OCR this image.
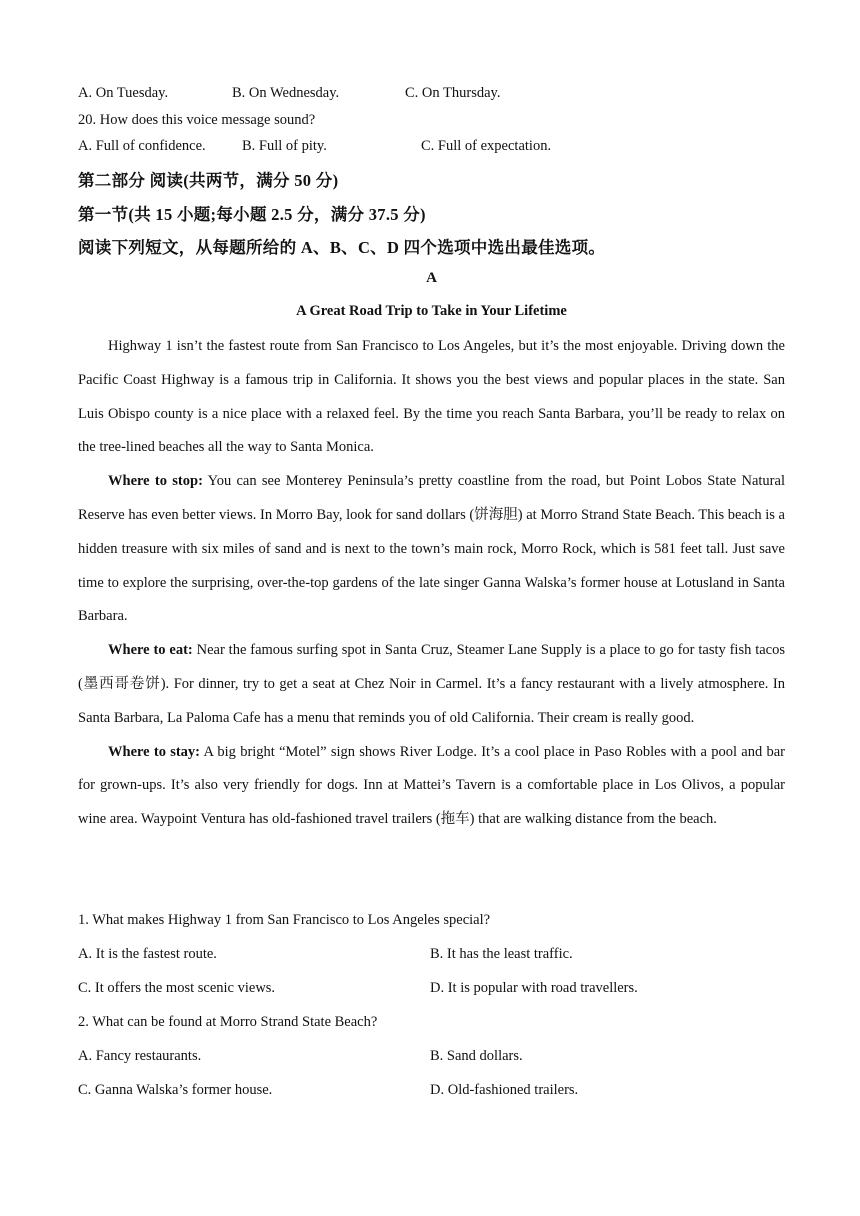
A. On Tuesday.	B. On Wednesday.	C. On Thursday.
20. How does this voice message sound?
A. Full of confidence.	B. Full of pity.	C. Full of expectation.
第二部分 阅读(共两节，满分 50 分)
第一节(共 15 小题;每小题 2.5 分，满分 37.5 分)
阅读下列短文，从每题所给的 A、B、C、D 四个选项中选出最佳选项。
A
A Great Road Trip to Take in Your Lifetime

Highway 1 isn’t the fastest route from San Francisco to Los Angeles, but it’s the most enjoyable. Driving down the Pacific Coast Highway is a famous trip in California. It shows you the best views and popular places in the state. San Luis Obispo county is a nice place with a relaxed feel. By the time you reach Santa Barbara, you’ll be ready to relax on the tree-lined beaches all the way to Santa Monica.

Where to stop: You can see Monterey Peninsula’s pretty coastline from the road, but Point Lobos State Natural Reserve has even better views. In Morro Bay, look for sand dollars (饼海胆) at Morro Strand State Beach. This beach is a hidden treasure with six miles of sand and is next to the town’s main rock, Morro Rock, which is 581 feet tall. Just save time to explore the surprising, over-the-top gardens of the late singer Ganna Walska’s former house at Lotusland in Santa Barbara.

Where to eat: Near the famous surfing spot in Santa Cruz, Steamer Lane Supply is a place to go for tasty fish tacos (墨西哥卷饼). For dinner, try to get a seat at Chez Noir in Carmel. It’s a fancy restaurant with a lively atmosphere. In Santa Barbara, La Paloma Cafe has a menu that reminds you of old California. Their cream is really good.

Where to stay: A big bright “Motel” sign shows River Lodge. It’s a cool place in Paso Robles with a pool and bar for grown-ups. It’s also very friendly for dogs. Inn at Mattei’s Tavern is a comfortable place in Los Olivos, a popular wine area. Waypoint Ventura has old-fashioned travel trailers (拖车) that are walking distance from the beach.

1. What makes Highway 1 from San Francisco to Los Angeles special?
A. It is the fastest route.	B. It has the least traffic.
C. It offers the most scenic views.	D. It is popular with road travellers.
2. What can be found at Morro Strand State Beach?
A. Fancy restaurants.	B. Sand dollars.
C. Ganna Walska’s former house.	D. Old-fashioned trailers.
